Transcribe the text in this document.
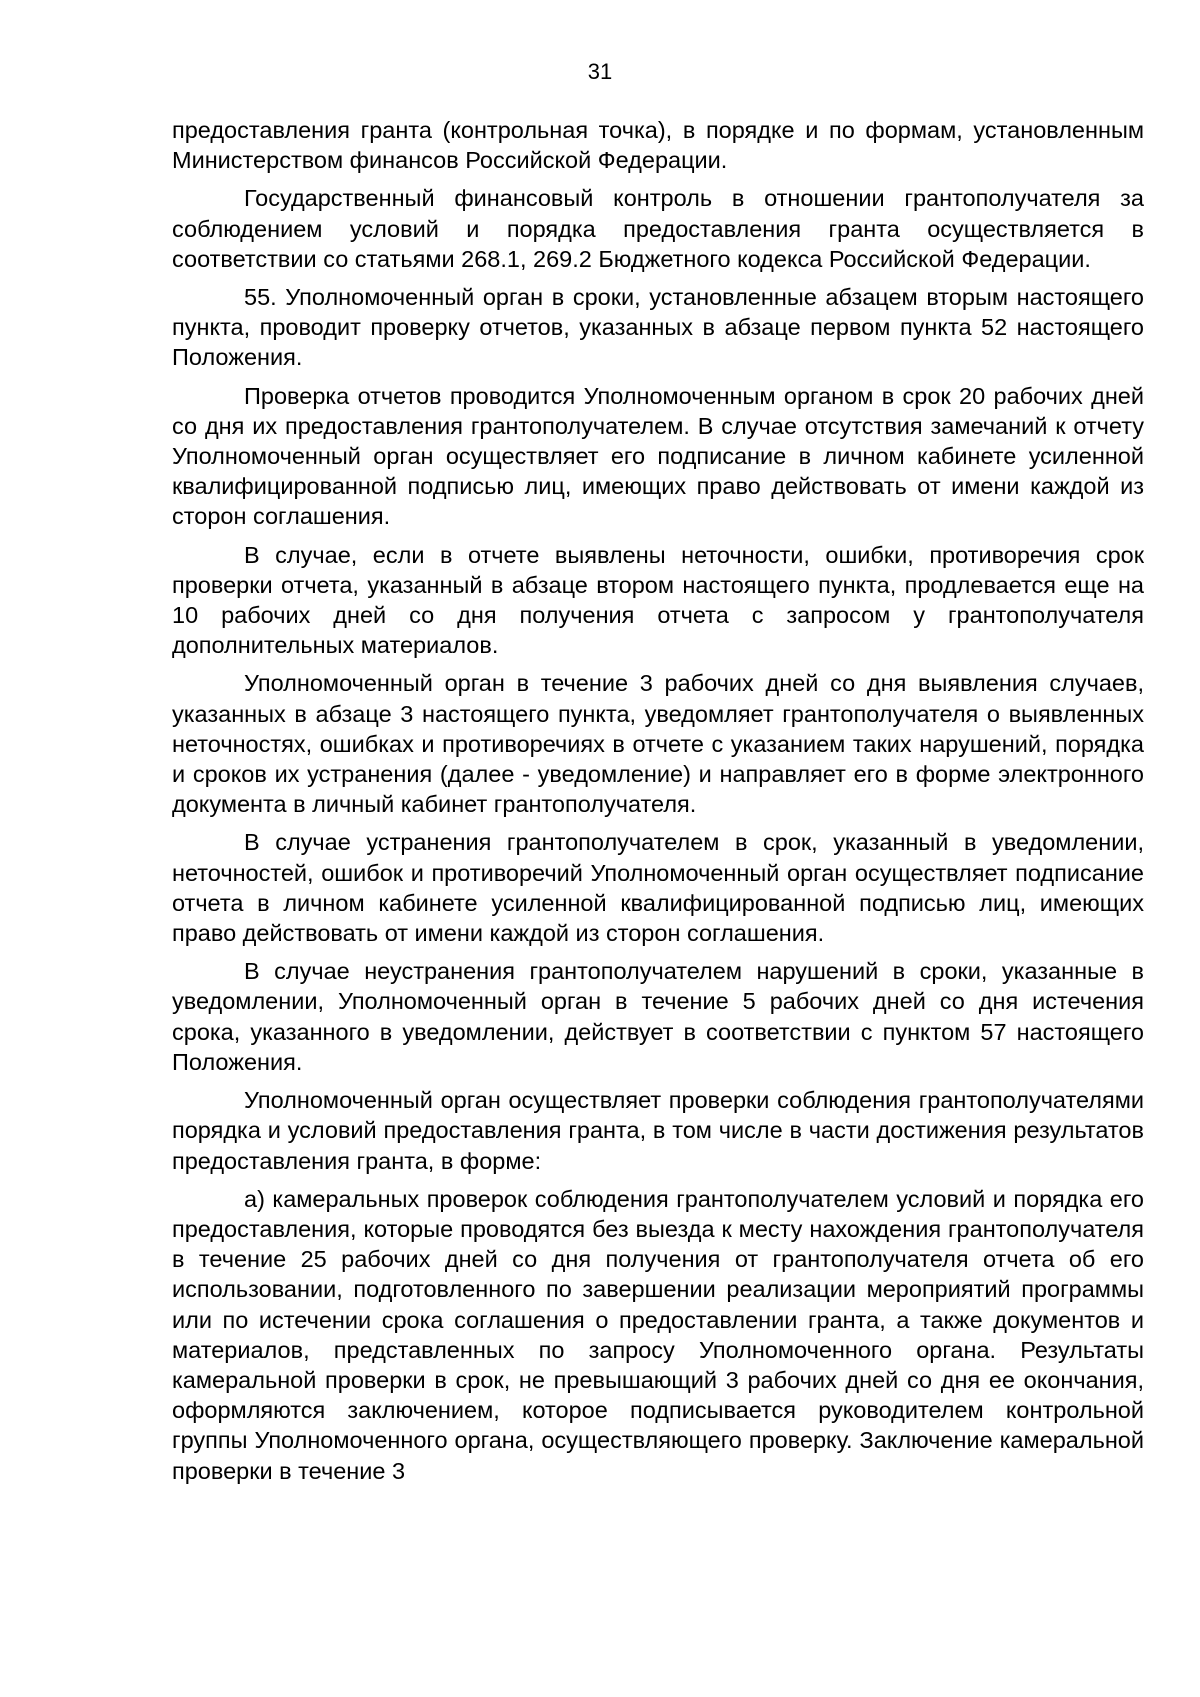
31

предоставления гранта (контрольная точка), в порядке и по формам, установленным Министерством финансов Российской Федерации.

Государственный финансовый контроль в отношении грантополучателя за соблюдением условий и порядка предоставления гранта осуществляется в соответствии со статьями 268.1, 269.2 Бюджетного кодекса Российской Федерации.

55. Уполномоченный орган в сроки, установленные абзацем вторым настоящего пункта, проводит проверку отчетов, указанных в абзаце первом пункта 52 настоящего Положения.

Проверка отчетов проводится Уполномоченным органом в срок 20 рабочих дней со дня их предоставления грантополучателем. В случае отсутствия замечаний к отчету Уполномоченный орган осуществляет его подписание в личном кабинете усиленной квалифицированной подписью лиц, имеющих право действовать от имени каждой из сторон соглашения.

В случае, если в отчете выявлены неточности, ошибки, противоречия срок проверки отчета, указанный в абзаце втором настоящего пункта, продлевается еще на 10 рабочих дней со дня получения отчета с запросом у грантополучателя дополнительных материалов.

Уполномоченный орган в течение 3 рабочих дней со дня выявления случаев, указанных в абзаце 3 настоящего пункта, уведомляет грантополучателя о выявленных неточностях, ошибках и противоречиях в отчете с указанием таких нарушений, порядка и сроков их устранения (далее - уведомление) и направляет его в форме электронного документа в личный кабинет грантополучателя.

В случае устранения грантополучателем в срок, указанный в уведомлении, неточностей, ошибок и противоречий Уполномоченный орган осуществляет подписание отчета в личном кабинете усиленной квалифицированной подписью лиц, имеющих право действовать от имени каждой из сторон соглашения.

В случае неустранения грантополучателем нарушений в сроки, указанные в уведомлении, Уполномоченный орган в течение 5 рабочих дней со дня истечения срока, указанного в уведомлении, действует в соответствии с пунктом 57 настоящего Положения.

Уполномоченный орган осуществляет проверки соблюдения грантополучателями порядка и условий предоставления гранта, в том числе в части достижения результатов предоставления гранта, в форме:

а) камеральных проверок соблюдения грантополучателем условий и порядка его предоставления, которые проводятся без выезда к месту нахождения грантополучателя в течение 25 рабочих дней со дня получения от грантополучателя отчета об его использовании, подготовленного по завершении реализации мероприятий программы или по истечении срока соглашения о предоставлении гранта, а также документов и материалов, представленных по запросу Уполномоченного органа. Результаты камеральной проверки в срок, не превышающий 3 рабочих дней со дня ее окончания, оформляются заключением, которое подписывается руководителем контрольной группы Уполномоченного органа, осуществляющего проверку. Заключение камеральной проверки в течение 3
